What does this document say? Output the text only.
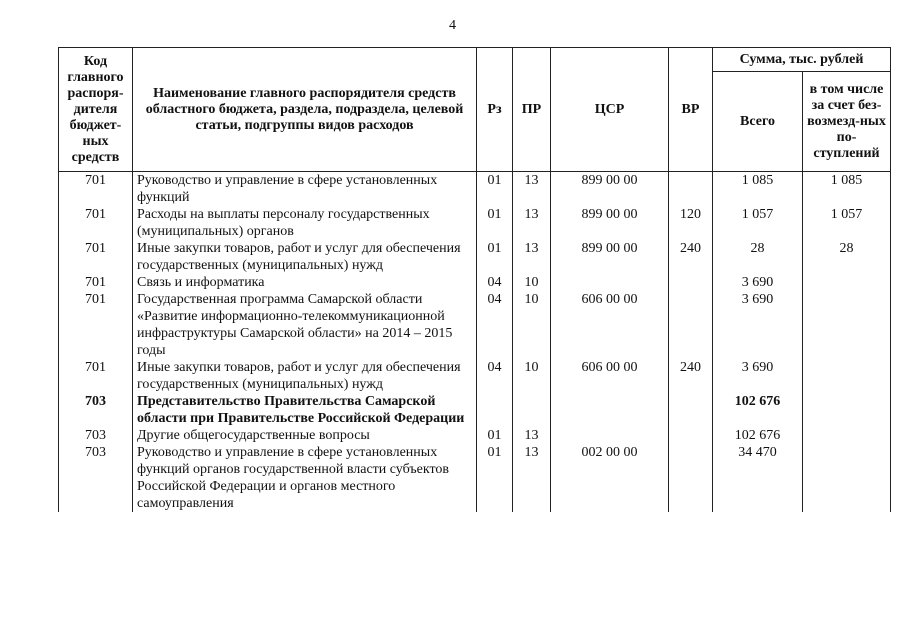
4
Код главного распоря-дителя бюджет-ных средств	Наименование главного распорядителя средств областного бюджета, раздела, подраздела, целевой статьи, подгруппы видов расходов	Рз	ПР	ЦСР	ВР	Сумма, тыс. рублей	
						Всего	в том числе за счет без-возмезд-ных по-ступлений
701	Руководство и управление в сфере установленных функций	01	13	899 00 00		1 085	1 085
701	Расходы на выплаты персоналу государственных (муниципальных) органов	01	13	899 00 00	120	1 057	1 057
701	Иные закупки товаров, работ и услуг для обеспечения государственных (муниципальных) нужд	01	13	899 00 00	240	28	28
701	Связь и информатика	04	10			3 690	
701	Государственная программа Самарской области «Развитие информационно-телекоммуникационной инфраструктуры Самарской области» на 2014 – 2015 годы	04	10	606 00 00		3 690	
701	Иные закупки товаров, работ и услуг для обеспечения государственных (муниципальных) нужд	04	10	606 00 00	240	3 690	
703	Представительство Правительства Самарской области при Правительстве Российской Федерации					102 676	
703	Другие общегосударственные вопросы	01	13			102 676	
703	Руководство и управление в сфере установленных функций органов государственной власти субъектов Российской Федерации и органов местного самоуправления	01	13	002 00 00		34 470	
